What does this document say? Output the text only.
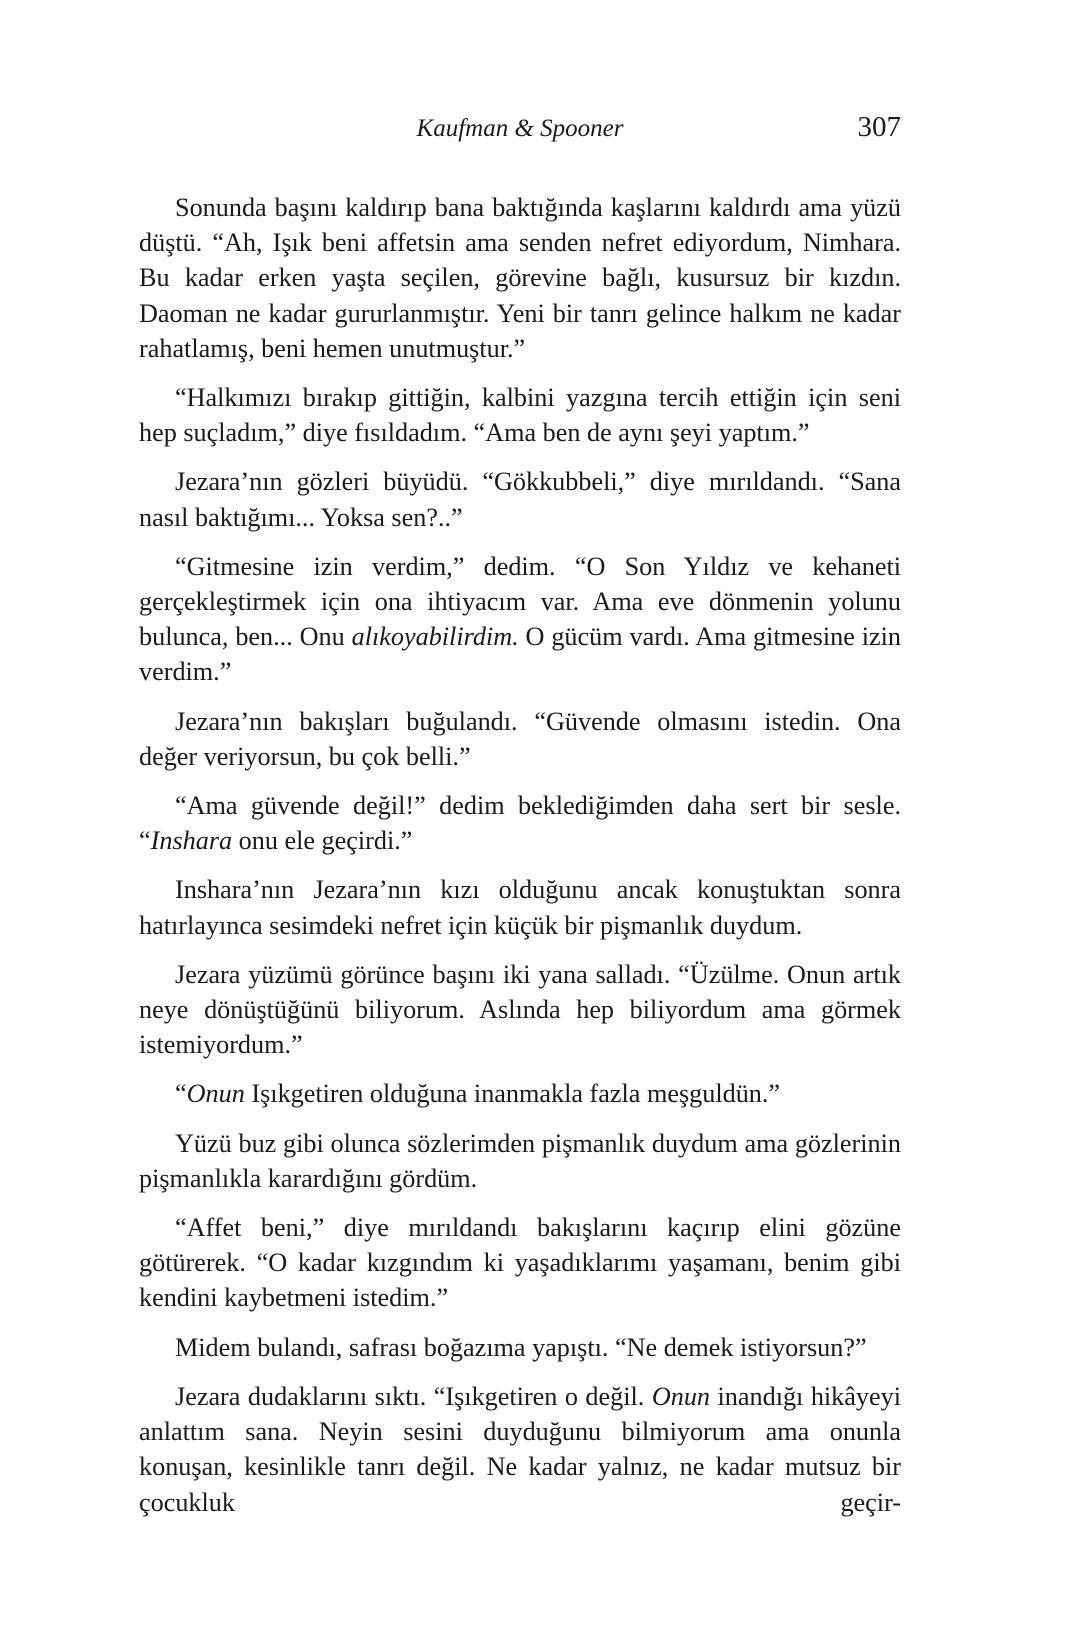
Kaufman & Spooner	307

Sonunda başını kaldırıp bana baktığında kaşlarını kaldırdı ama yüzü düştü. “Ah, Işık beni affetsin ama senden nefret ediyordum, Nimhara. Bu kadar erken yaşta seçilen, görevine bağlı, kusursuz bir kızdın. Daoman ne kadar gururlanmıştır. Yeni bir tanrı gelince halkım ne kadar rahatlamış, beni hemen unutmuştur.”

“Halkımızı bırakıp gittiğin, kalbini yazgına tercih ettiğin için seni hep suçladım,” diye fısıldadım. “Ama ben de aynı şeyi yaptım.”

Jezara’nın gözleri büyüdü. “Gökkubbeli,” diye mırıldandı. “Sana nasıl baktığımı... Yoksa sen?..”

“Gitmesine izin verdim,” dedim. “O Son Yıldız ve kehaneti gerçekleştirmek için ona ihtiyacım var. Ama eve dönmenin yolunu bulunca, ben... Onu alıkoyabilirdim. O gücüm vardı. Ama gitmesine izin verdim.”

Jezara’nın bakışları buğulandı. “Güvende olmasını istedin. Ona değer veriyorsun, bu çok belli.”

“Ama güvende değil!” dedim beklediğimden daha sert bir sesle. “Inshara onu ele geçirdi.”

Inshara’nın Jezara’nın kızı olduğunu ancak konuştuktan sonra hatırlayınca sesimdeki nefret için küçük bir pişmanlık duydum.

Jezara yüzümü görünce başını iki yana salladı. “Üzülme. Onun artık neye dönüştüğünü biliyorum. Aslında hep biliyordum ama görmek istemiyordum.”

“Onun Işıkgetiren olduğuna inanmakla fazla meşguldün.”

Yüzü buz gibi olunca sözlerimden pişmanlık duydum ama gözlerinin pişmanlıkla karardığını gördüm.

“Affet beni,” diye mırıldandı bakışlarını kaçırıp elini gözüne götürerek. “O kadar kızgındım ki yaşadıklarımı yaşamanı, benim gibi kendini kaybetmeni istedim.”

Midem bulandı, safrası boğazıma yapıştı. “Ne demek istiyorsun?”

Jezara dudaklarını sıktı. “Işıkgetiren o değil. Onun inandığı hikâyeyi anlattım sana. Neyin sesini duyduğunu bilmiyorum ama onunla konuşan, kesinlikle tanrı değil. Ne kadar yalnız, ne kadar mutsuz bir çocukluk geçir-
